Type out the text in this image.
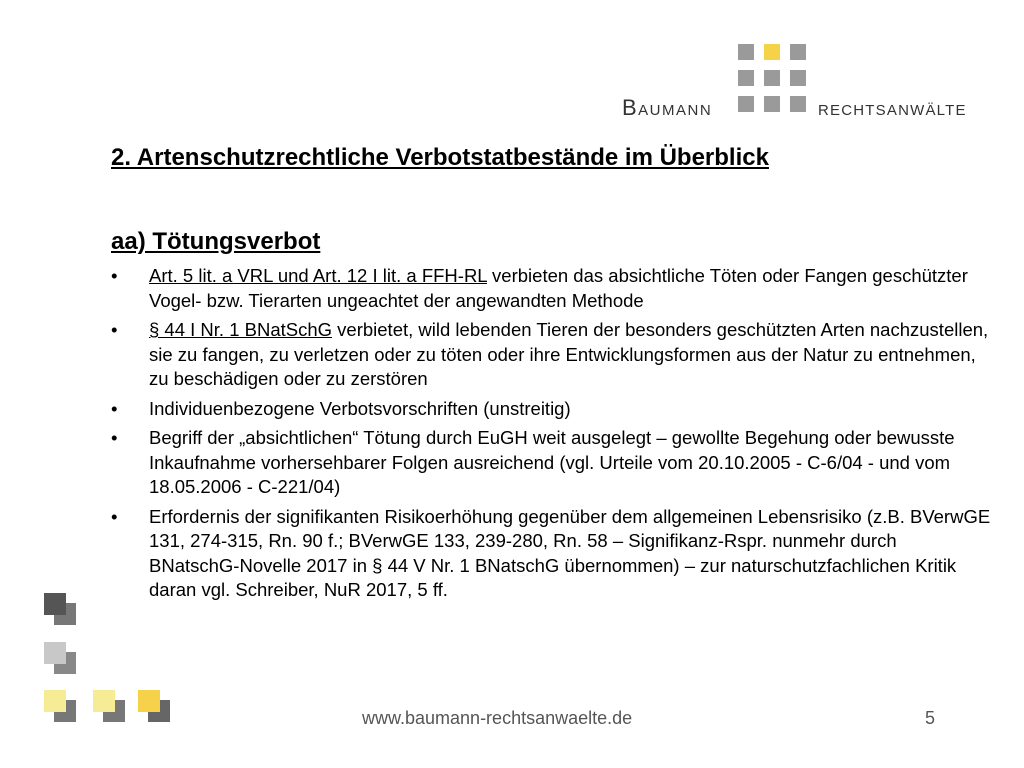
Baumann	rechtsanwälte
2. Artenschutzrechtliche Verbotstatbestände im Überblick
aa) Tötungsverbot
• Art. 5 lit. a VRL und Art. 12 I lit. a FFH-RL verbieten das absichtliche Töten oder Fangen geschützter Vogel- bzw. Tierarten ungeachtet der angewandten Methode
• § 44 I Nr. 1 BNatSchG verbietet, wild lebenden Tieren der besonders geschützten Arten nachzustellen, sie zu fangen, zu verletzen oder zu töten oder ihre Entwicklungsformen aus der Natur zu entnehmen, zu beschädigen oder zu zerstören
• Individuenbezogene Verbotsvorschriften (unstreitig)
• Begriff der „absichtlichen“ Tötung durch EuGH weit ausgelegt – gewollte Begehung oder bewusste Inkaufnahme vorhersehbarer Folgen ausreichend (vgl. Urteile vom 20.10.2005 - C-6/04 - und vom 18.05.2006 - C-221/04)
• Erfordernis der signifikanten Risikoerhöhung gegenüber dem allgemeinen Lebensrisiko (z.B. BVerwGE 131, 274-315, Rn. 90 f.; BVerwGE 133, 239-280, Rn. 58 – Signifikanz-Rspr. nunmehr durch BNatschG-Novelle 2017 in § 44 V Nr. 1 BNatschG übernommen) – zur naturschutzfachlichen Kritik daran vgl. Schreiber, NuR 2017, 5 ff.
www.baumann-rechtsanwaelte.de	5
